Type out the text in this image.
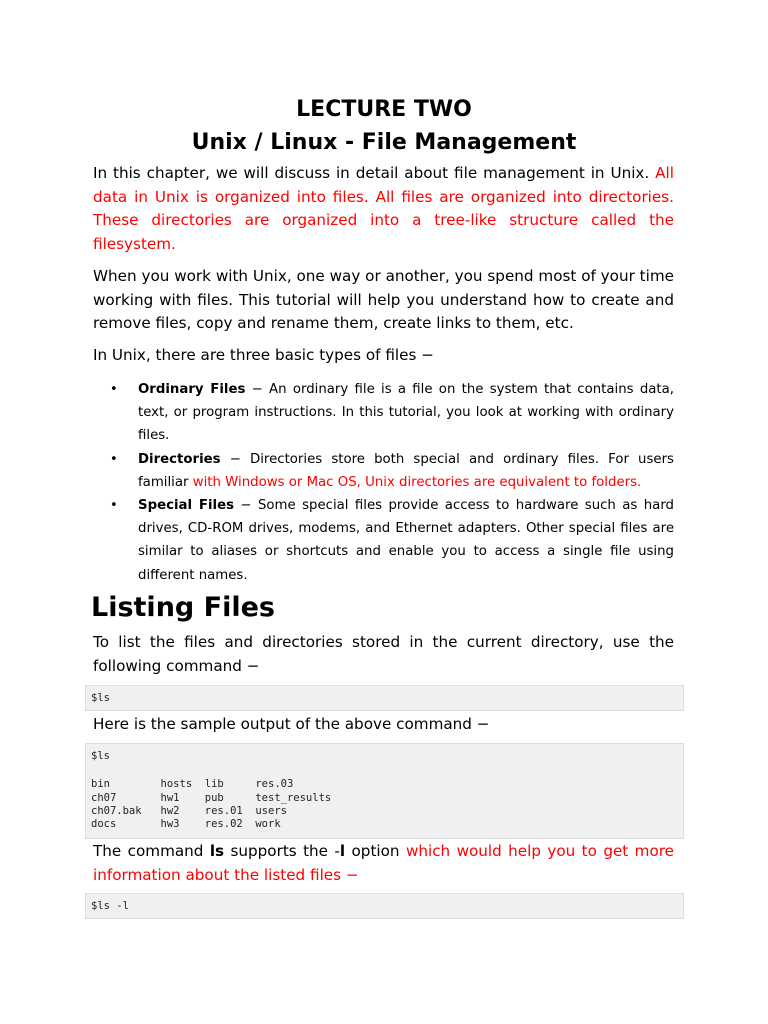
LECTURE TWO
Unix / Linux - File Management
In this chapter, we will discuss in detail about file management in Unix. All data in Unix is organized into files. All files are organized into directories. These directories are organized into a tree-like structure called the filesystem.
When you work with Unix, one way or another, you spend most of your time working with files. This tutorial will help you understand how to create and remove files, copy and rename them, create links to them, etc.
In Unix, there are three basic types of files −
• Ordinary Files − An ordinary file is a file on the system that contains data, text, or program instructions. In this tutorial, you look at working with ordinary files.
• Directories − Directories store both special and ordinary files. For users familiar with Windows or Mac OS, Unix directories are equivalent to folders.
• Special Files − Some special files provide access to hardware such as hard drives, CD-ROM drives, modems, and Ethernet adapters. Other special files are similar to aliases or shortcuts and enable you to access a single file using different names.
Listing Files
To list the files and directories stored in the current directory, use the following command −
$ls
Here is the sample output of the above command −
$ls
bin        hosts  lib     res.03
ch07       hw1    pub     test_results
ch07.bak   hw2    res.01  users
docs       hw3    res.02  work
The command ls supports the -l option which would help you to get more information about the listed files −
$ls -l
